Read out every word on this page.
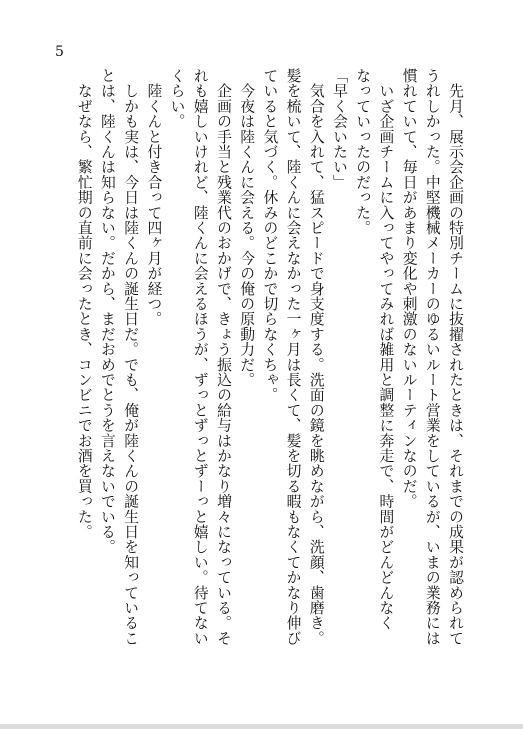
5
　先月、展示会企画の特別チームに抜擢されたときは、それまでの成果が認められて
うれしかった。中堅機械メーカーのゆるいルート営業をしているが、いまの業務には
慣れていて、毎日があまり変化や刺激のないルーティンなのだ。
　いざ企画チームに入ってやってみれば雑用と調整に奔走で、時間がどんどんなく
なっていったのだった。
「早く会いたい」
　気合を入れて、猛スピードで身支度する。洗面の鏡を眺めながら、洗顔、歯磨き。
髪を梳いて、陸くんに会えなかった一ヶ月は長くて、髪を切る暇もなくてかなり伸び
ていると気づく。休みのどこかで切らなくちゃ。
　今夜は陸くんに会える。今の俺の原動力だ。
　企画の手当と残業代のおかげで、きょう振込の給与はかなり増々になっている。そ
れも嬉しいけれど、陸くんに会えるほうが、ずっとずっとずーっと嬉しい。待てない
くらい。
　陸くんと付き合って四ヶ月が経つ。
　しかも実は、今日は陸くんの誕生日だ。でも、俺が陸くんの誕生日を知っているこ
とは、陸くんは知らない。だから、まだおめでとうを言えないでいる。
　なぜなら、繁忙期の直前に会ったとき、コンビニでお酒を買った。
